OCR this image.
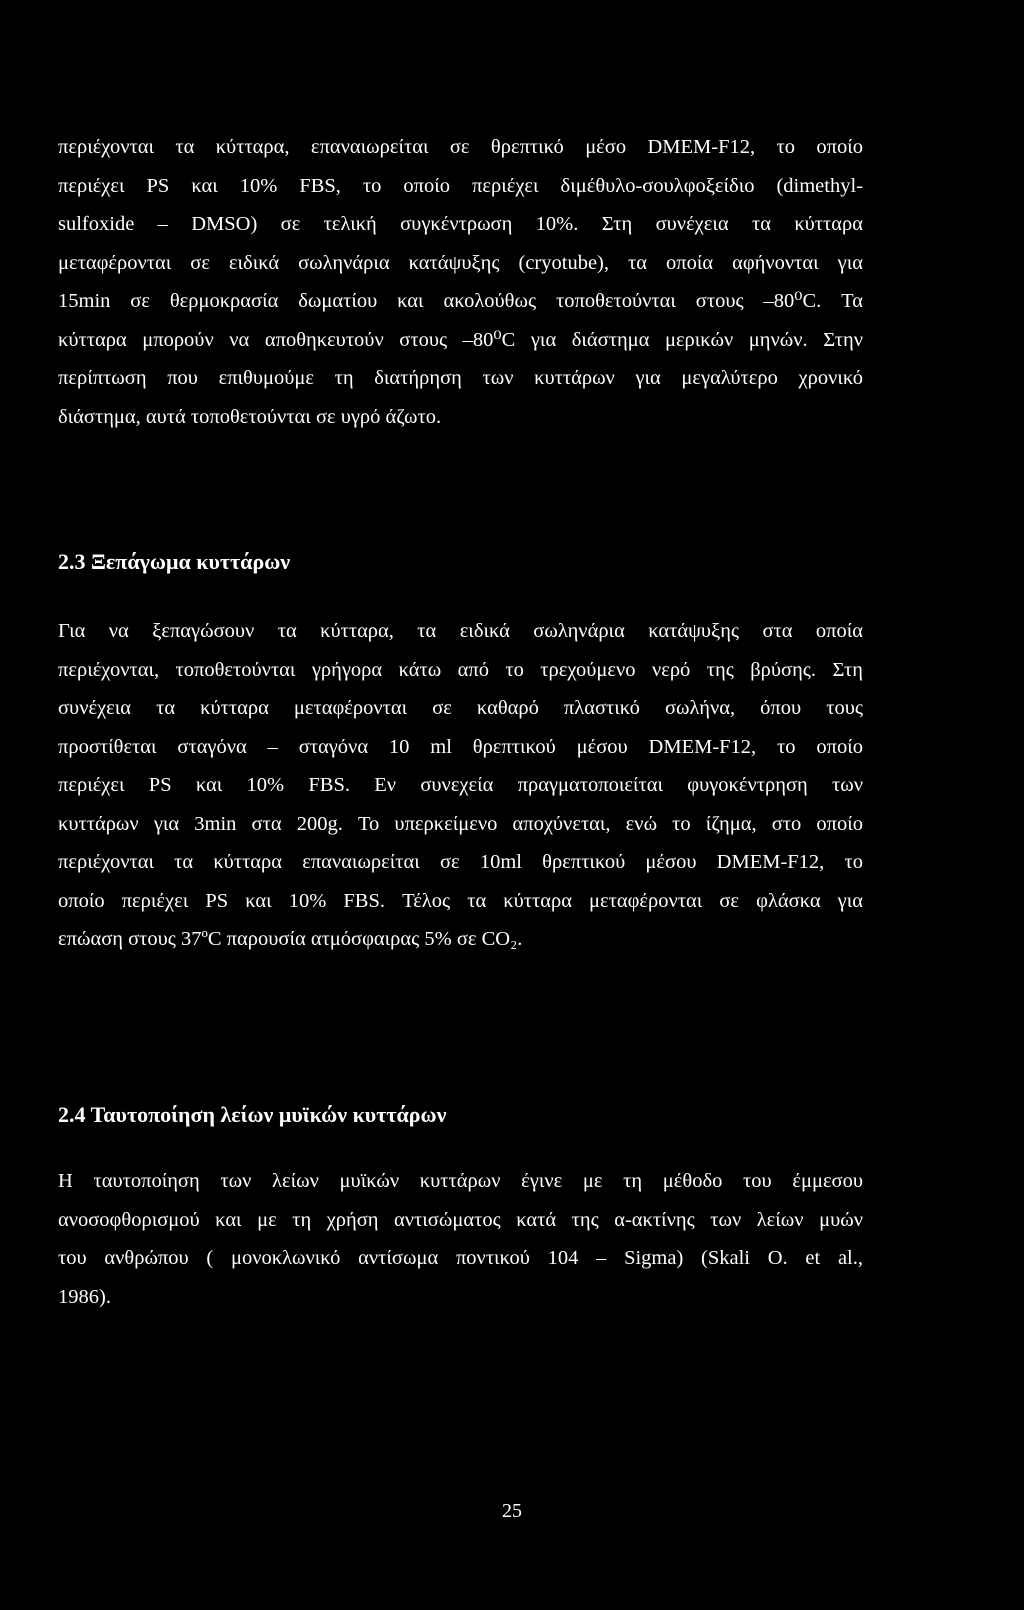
περιέχονται τα κύτταρα, επαναιωρείται σε θρεπτικό μέσο DMEM-F12, το οποίο
περιέχει PS και 10% FBS, το οποίο περιέχει διμέθυλο-σουλφοξείδιο (dimethyl-
sulfoxide – DMSO) σε τελική συγκέντρωση 10%. Στη συνέχεια τα κύτταρα
μεταφέρονται σε ειδικά σωληνάρια κατάψυξης (cryotube), τα οποία αφήνονται για
15min σε θερμοκρασία δωματίου και ακολούθως τοποθετούνται στους –80⁰C. Τα
κύτταρα μπορούν να αποθηκευτούν στους –80⁰C για διάστημα μερικών μηνών. Στην
περίπτωση που επιθυμούμε τη διατήρηση των κυττάρων για μεγαλύτερο χρονικό
διάστημα, αυτά τοποθετούνται σε υγρό άζωτο.
2.3 Ξεπάγωμα κυττάρων
Για να ξεπαγώσουν τα κύτταρα, τα ειδικά σωληνάρια κατάψυξης στα οποία
περιέχονται, τοποθετούνται γρήγορα κάτω από το τρεχούμενο νερό της βρύσης. Στη
συνέχεια τα κύτταρα μεταφέρονται σε καθαρό πλαστικό σωλήνα, όπου τους
προστίθεται σταγόνα – σταγόνα 10 ml θρεπτικού μέσου DMEM-F12, το οποίο
περιέχει PS και 10% FBS. Εν συνεχεία πραγματοποιείται φυγοκέντρηση των
κυττάρων για 3min στα 200g. Το υπερκείμενο αποχύνεται, ενώ το ίζημα, στο οποίο
περιέχονται τα κύτταρα επαναιωρείται σε 10ml θρεπτικού μέσου DMEM-F12, το
οποίο περιέχει PS και 10% FBS. Τέλος τα κύτταρα μεταφέρονται σε φλάσκα για
επώαση στους 37ºC παρουσία ατμόσφαιρας 5% σε CO₂.
2.4 Ταυτοποίηση λείων μυϊκών κυττάρων
Η ταυτοποίηση των λείων μυϊκών κυττάρων έγινε με τη μέθοδο του έμμεσου
ανοσοφθορισμού και με τη χρήση αντισώματος κατά της α-ακτίνης των λείων μυών
του ανθρώπου ( μονοκλωνικό αντίσωμα ποντικού 104 – Sigma) (Skali O. et al.,
1986).
25
